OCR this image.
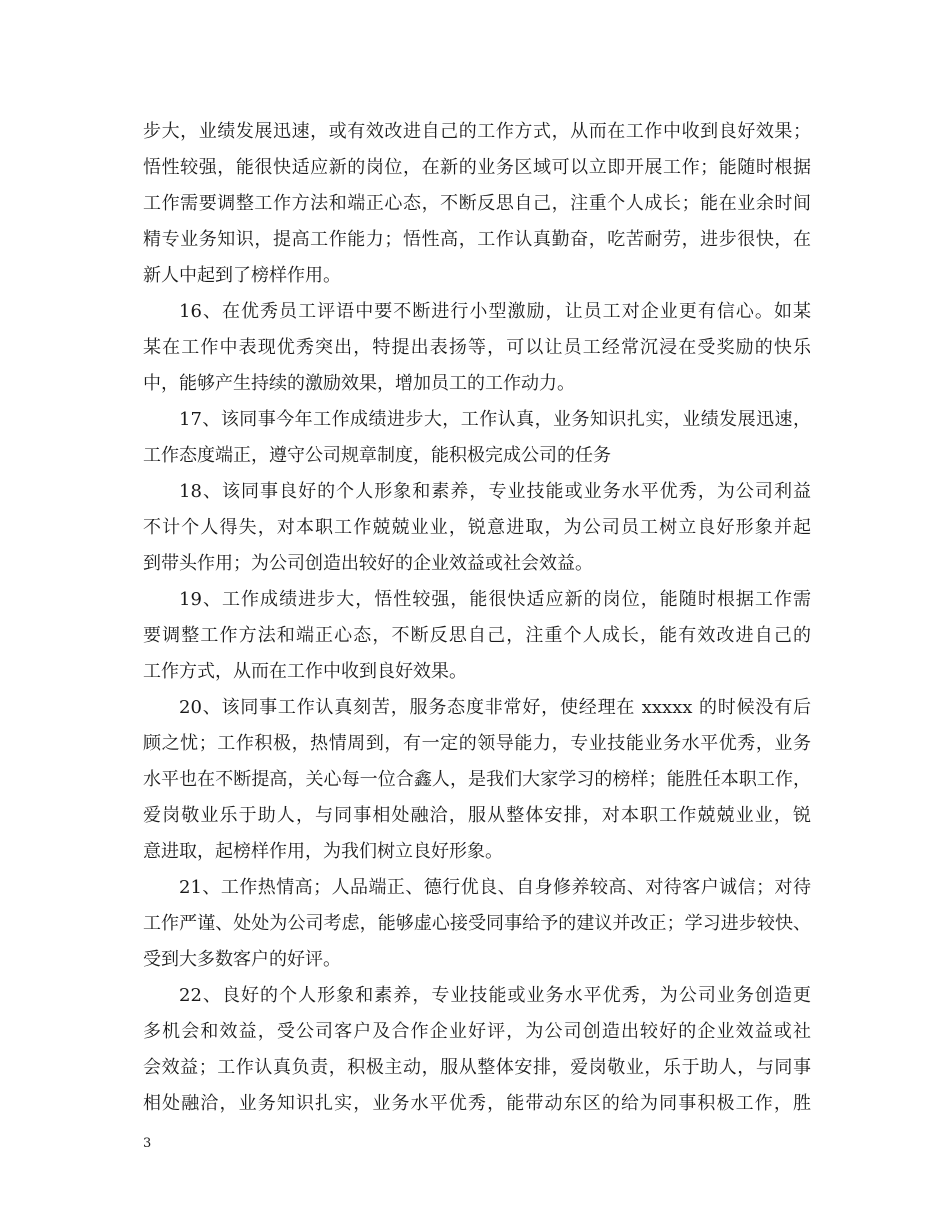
步大，业绩发展迅速，或有效改进自己的工作方式，从而在工作中收到良好效果；
悟性较强，能很快适应新的岗位，在新的业务区域可以立即开展工作；能随时根据
工作需要调整工作方法和端正心态，不断反思自己，注重个人成长；能在业余时间
精专业务知识，提高工作能力；悟性高，工作认真勤奋，吃苦耐劳，进步很快，在
新人中起到了榜样作用。
16、在优秀员工评语中要不断进行小型激励，让员工对企业更有信心。如某
某在工作中表现优秀突出，特提出表扬等，可以让员工经常沉浸在受奖励的快乐
中，能够产生持续的激励效果，增加员工的工作动力。
17、该同事今年工作成绩进步大，工作认真，业务知识扎实，业绩发展迅速，
工作态度端正，遵守公司规章制度，能积极完成公司的任务
18、该同事良好的个人形象和素养，专业技能或业务水平优秀，为公司利益
不计个人得失，对本职工作兢兢业业，锐意进取，为公司员工树立良好形象并起
到带头作用；为公司创造出较好的企业效益或社会效益。
19、工作成绩进步大，悟性较强，能很快适应新的岗位，能随时根据工作需
要调整工作方法和端正心态，不断反思自己，注重个人成长，能有效改进自己的
工作方式，从而在工作中收到良好效果。
20、该同事工作认真刻苦，服务态度非常好，使经理在 xxxxx 的时候没有后
顾之忧；工作积极，热情周到，有一定的领导能力，专业技能业务水平优秀，业务
水平也在不断提高，关心每一位合鑫人，是我们大家学习的榜样；能胜任本职工作，
爱岗敬业乐于助人，与同事相处融洽，服从整体安排，对本职工作兢兢业业，锐
意进取，起榜样作用，为我们树立良好形象。
21、工作热情高；人品端正、德行优良、自身修养较高、对待客户诚信；对待
工作严谨、处处为公司考虑，能够虚心接受同事给予的建议并改正；学习进步较快、
受到大多数客户的好评。
22、良好的个人形象和素养，专业技能或业务水平优秀，为公司业务创造更
多机会和效益，受公司客户及合作企业好评，为公司创造出较好的企业效益或社
会效益；工作认真负责，积极主动，服从整体安排，爱岗敬业，乐于助人，与同事
相处融洽，业务知识扎实，业务水平优秀，能带动东区的给为同事积极工作，胜
3
